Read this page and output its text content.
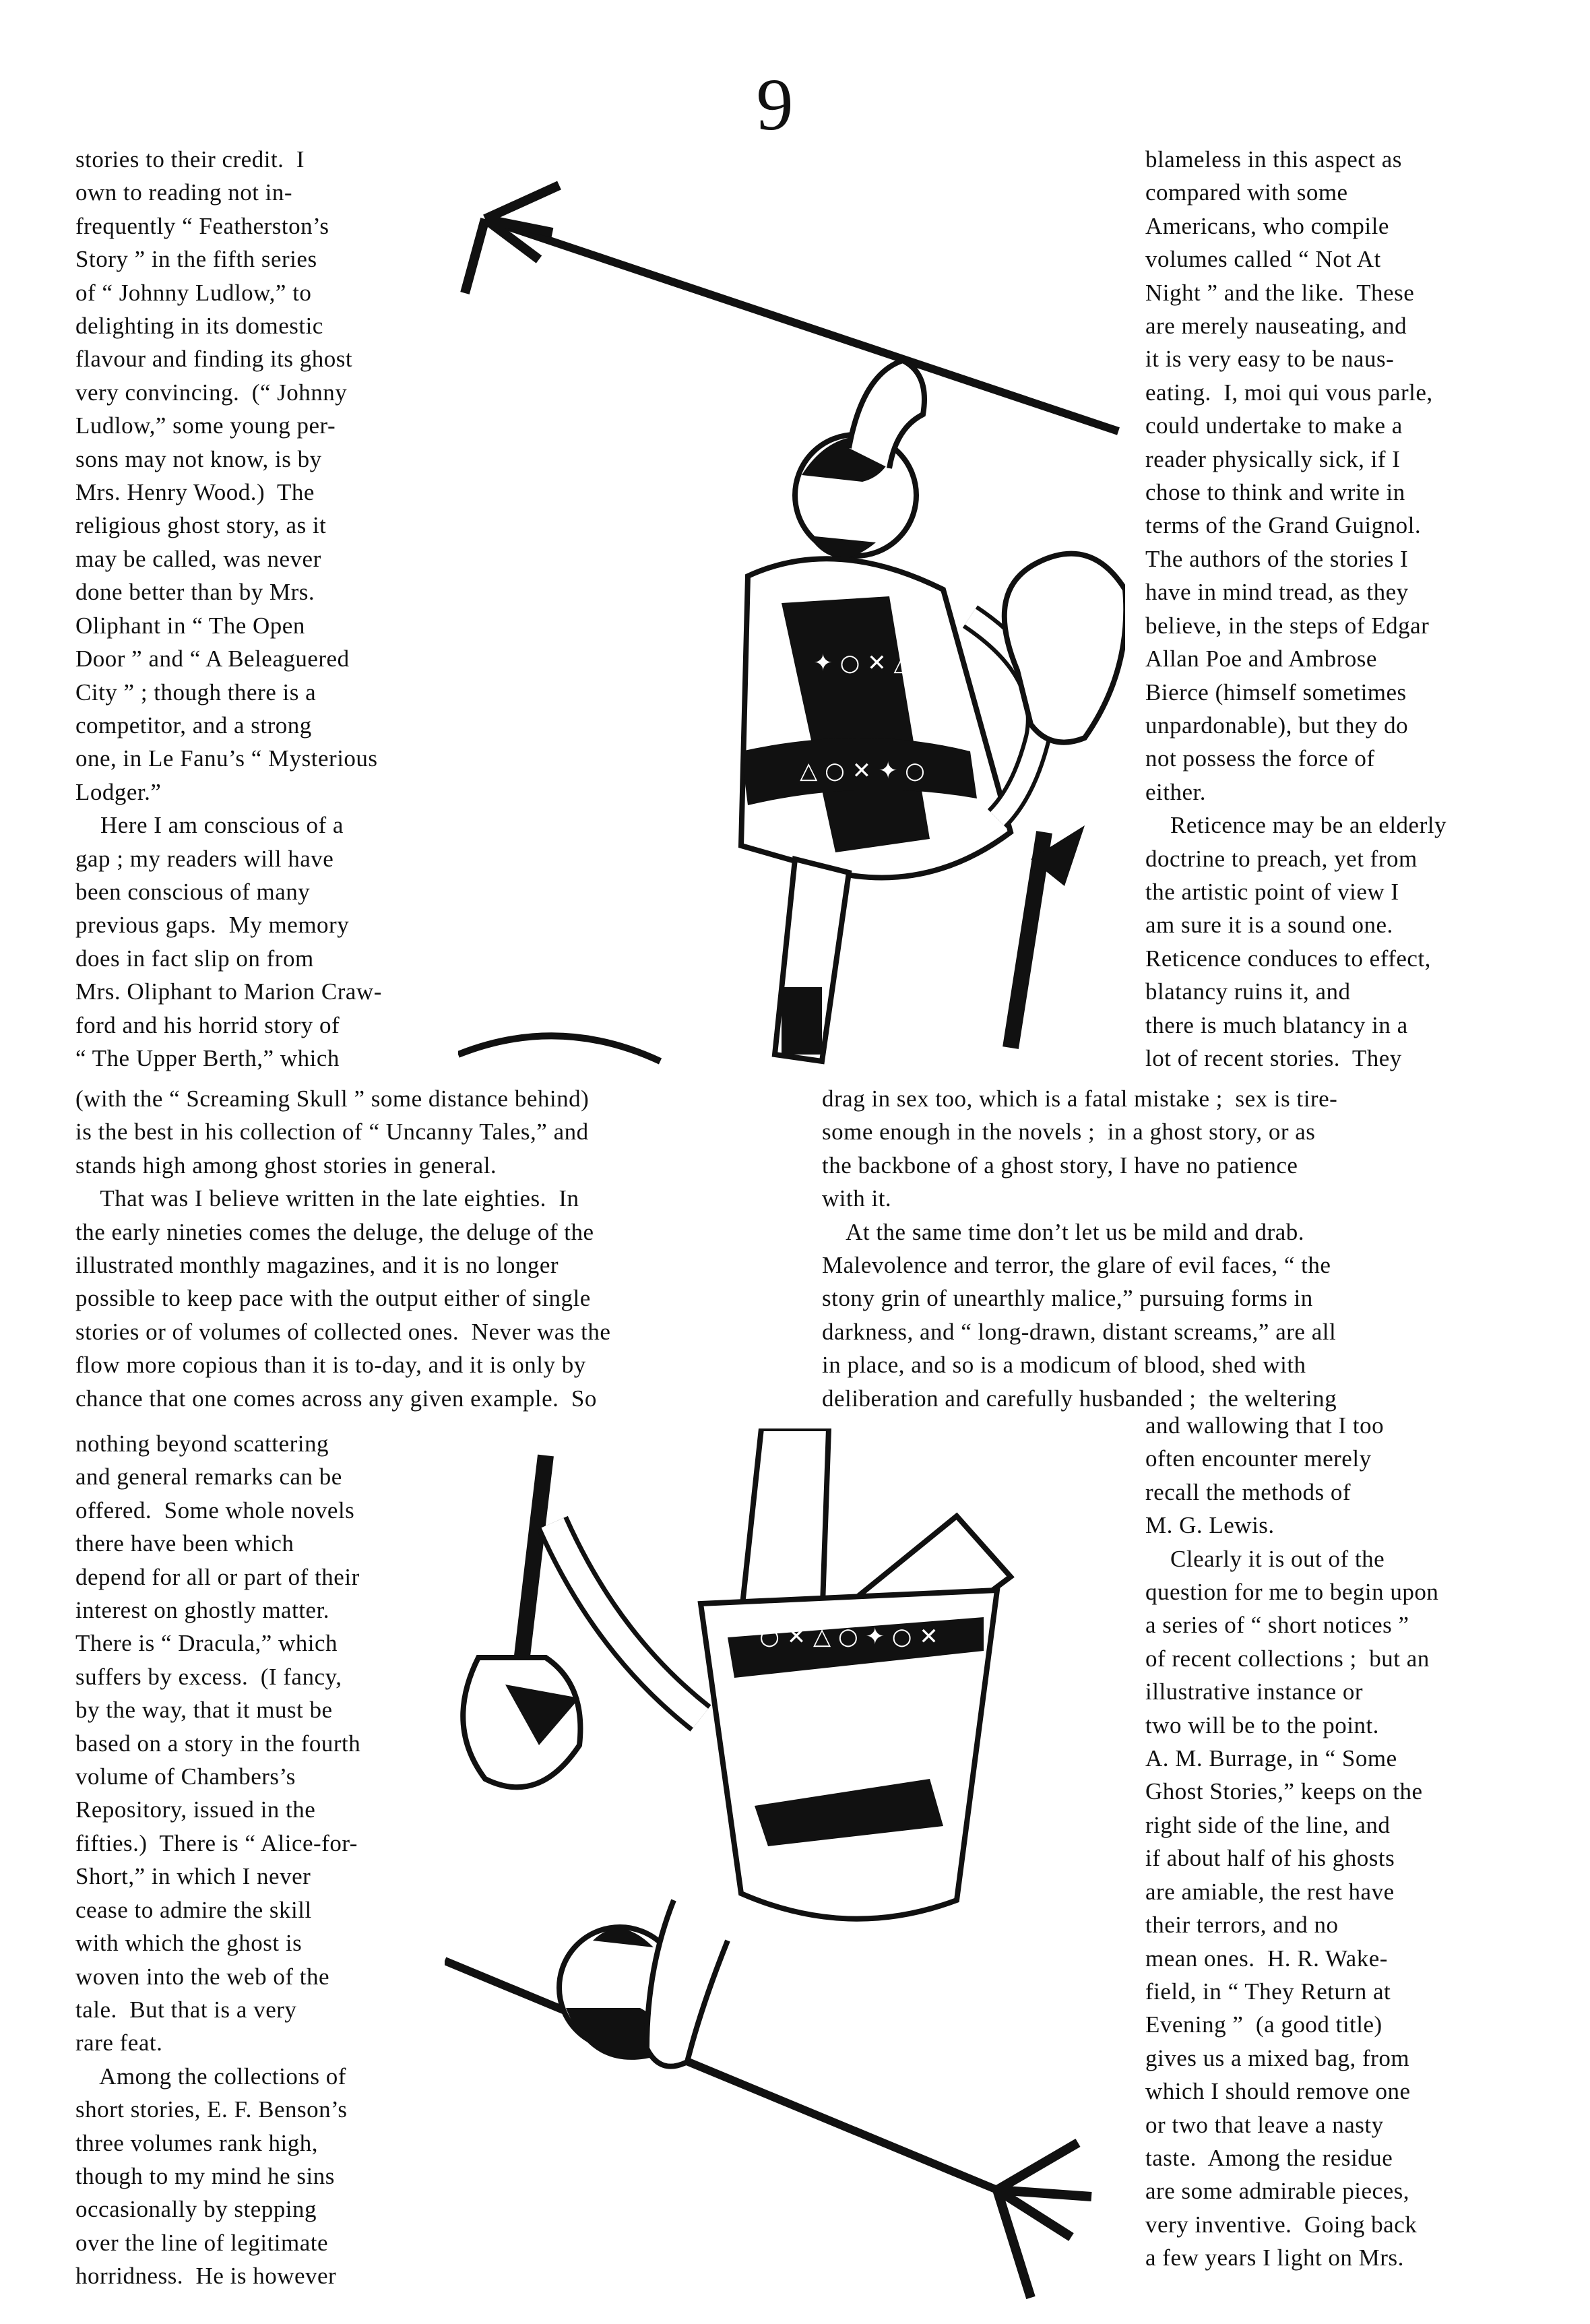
9

stories to their credit.  I
own to reading not in-
frequently “ Featherston’s
Story ” in the fifth series
of “ Johnny Ludlow,” to
delighting in its domestic
flavour and finding its ghost
very convincing.  (“ Johnny
Ludlow,” some young per-
sons may not know, is by
Mrs. Henry Wood.)  The
religious ghost story, as it
may be called, was never
done better than by Mrs.
Oliphant in “ The Open
Door ” and “ A Beleaguered
City ” ; though there is a
competitor, and a strong
one, in Le Fanu’s “ Mysterious
Lodger.”
Here I am conscious of a
gap ; my readers will have
been conscious of many
previous gaps.  My memory
does in fact slip on from
Mrs. Oliphant to Marion Craw-
ford and his horrid story of
“ The Upper Berth,” which

blameless in this aspect as
compared with some
Americans, who compile
volumes called “ Not At
Night ” and the like.  These
are merely nauseating, and
it is very easy to be naus-
eating.  I, moi qui vous parle,
could undertake to make a
reader physically sick, if I
chose to think and write in
terms of the Grand Guignol.
The authors of the stories I
have in mind tread, as they
believe, in the steps of Edgar
Allan Poe and Ambrose
Bierce (himself sometimes
unpardonable), but they do
not possess the force of
either.
Reticence may be an elderly
doctrine to preach, yet from
the artistic point of view I
am sure it is a sound one.
Reticence conduces to effect,
blatancy ruins it, and
there is much blatancy in a
lot of recent stories.  They

(with the “ Screaming Skull ” some distance behind)
is the best in his collection of “ Uncanny Tales,” and
stands high among ghost stories in general.
That was I believe written in the late eighties.  In
the early nineties comes the deluge, the deluge of the
illustrated monthly magazines, and it is no longer
possible to keep pace with the output either of single
stories or of volumes of collected ones.  Never was the
flow more copious than it is to-day, and it is only by
chance that one comes across any given example.  So

drag in sex too, which is a fatal mistake ;  sex is tire-
some enough in the novels ;  in a ghost story, or as
the backbone of a ghost story, I have no patience
with it.
At the same time don’t let us be mild and drab.
Malevolence and terror, the glare of evil faces, “ the
stony grin of unearthly malice,” pursuing forms in
darkness, and “ long-drawn, distant screams,” are all
in place, and so is a modicum of blood, shed with
deliberation and carefully husbanded ;  the weltering

nothing beyond scattering
and general remarks can be
offered.  Some whole novels
there have been which
depend for all or part of their
interest on ghostly matter.
There is “ Dracula,” which
suffers by excess.  (I fancy,
by the way, that it must be
based on a story in the fourth
volume of Chambers’s
Repository, issued in the
fifties.)  There is “ Alice-for-
Short,” in which I never
cease to admire the skill
with which the ghost is
woven into the web of the
tale.  But that is a very
rare feat.
Among the collections of
short stories, E. F. Benson’s
three volumes rank high,
though to my mind he sins
occasionally by stepping
over the line of legitimate
horridness.  He is however

and wallowing that I too
often encounter merely
recall the methods of
M. G. Lewis.
Clearly it is out of the
question for me to begin upon
a series of “ short notices ”
of recent collections ;  but an
illustrative instance or
two will be to the point.
A. M. Burrage, in “ Some
Ghost Stories,” keeps on the
right side of the line, and
if about half of his ghosts
are amiable, the rest have
their terrors, and no
mean ones.  H. R. Wake-
field, in “ They Return at
Evening ”  (a good title)
gives us a mixed bag, from
which I should remove one
or two that leave a nasty
taste.  Among the residue
are some admirable pieces,
very inventive.  Going back
a few years I light on Mrs.

✦ ○ ✕ △
△ ○ ✕ ✦ ○
○ ✕ △ ○ ✦ ○ ✕
